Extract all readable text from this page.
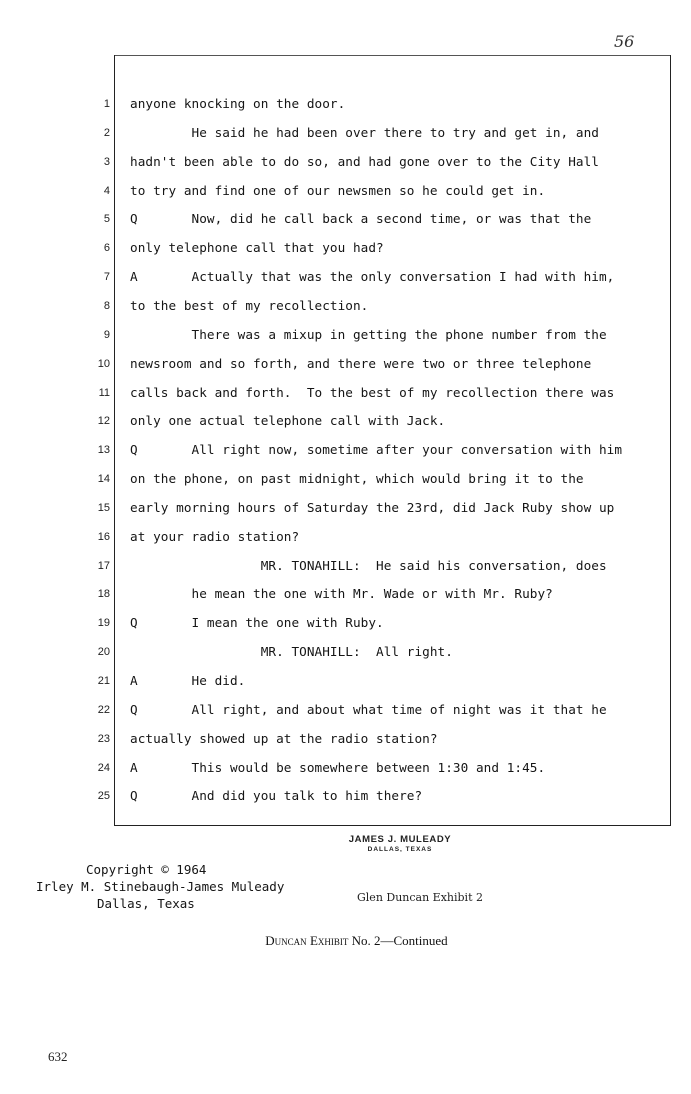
56
1 anyone knocking on the door.
2 He said he had been over there to try and get in, and
3 hadn't been able to do so, and had gone over to the City Hall
4 to try and find one of our newsmen so he could get in.
5 Q       Now, did he call back a second time, or was that the
6 only telephone call that you had?
7 A       Actually that was the only conversation I had with him,
8 to the best of my recollection.
9 There was a mixup in getting the phone number from the
10 newsroom and so forth, and there were two or three telephone
11 calls back and forth.  To the best of my recollection there was
12 only one actual telephone call with Jack.
13 Q       All right now, sometime after your conversation with him
14 on the phone, on past midnight, which would bring it to the
15 early morning hours of Saturday the 23rd, did Jack Ruby show up
16 at your radio station?
17 MR. TONAHILL:  He said his conversation, does
18 he mean the one with Mr. Wade or with Mr. Ruby?
19 Q       I mean the one with Ruby.
20 MR. TONAHILL:  All right.
21 A       He did.
22 Q       All right, and about what time of night was it that he
23 actually showed up at the radio station?
24 A       This would be somewhere between 1:30 and 1:45.
25 Q       And did you talk to him there?
JAMES J. MULEADY
DALLAS, TEXAS
Copyright © 1964
Irley M. Stinebaugh-James Muleady
Dallas, Texas	Glen Duncan Exhibit 2
Duncan Exhibit No. 2—Continued
632
